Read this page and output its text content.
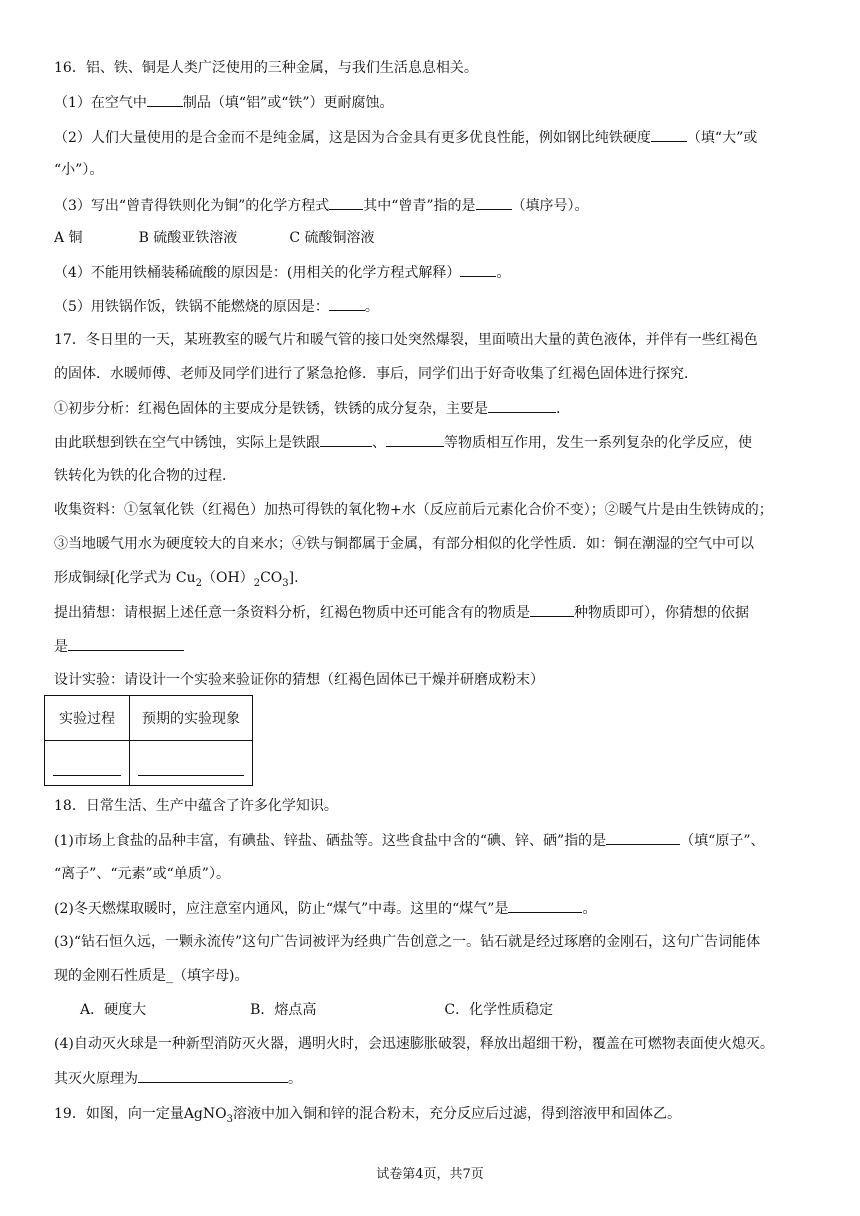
16．铝、铁、铜是人类广泛使用的三种金属，与我们生活息息相关。
（1）在空气中	制品（填“铝”或“铁”）更耐腐蚀。
（2）人们大量使用的是合金而不是纯金属，这是因为合金具有更多优良性能，例如钢比纯铁硬度	（填“大”或
“小”）。
（3）写出“曾青得铁则化为铜”的化学方程式 其中“曾青”指的是	（填序号）。
A 铜	B 硫酸亚铁溶液	C 硫酸铜溶液
（4）不能用铁桶装稀硫酸的原因是：(用相关的化学方程式解释）	。
（5）用铁锅作饭，铁锅不能燃烧的原因是：	。
17．冬日里的一天，某班教室的暖气片和暖气管的接口处突然爆裂，里面喷出大量的黄色液体，并伴有一些红褐色
的固体．水暖师傅、老师及同学们进行了紧急抢修．事后，同学们出于好奇收集了红褐色固体进行探究．
①初步分析：红褐色固体的主要成分是铁锈，铁锈的成分复杂，主要是	.
由此联想到铁在空气中锈蚀，实际上是铁跟	、	等物质相互作用，发生一系列复杂的化学反应，使
铁转化为铁的化合物的过程．
收集资料：①氢氧化铁（红褐色）加热可得铁的氧化物+水（反应前后元素化合价不变）；②暖气片是由生铁铸成的；
③当地暖气用水为硬度较大的自来水；④铁与铜都属于金属，有部分相似的化学性质．如：铜在潮湿的空气中可以
形成铜绿[化学式为 $Cu_2(OH)_2CO_3$].
提出猜想：请根据上述任意一条资料分析，红褐色物质中还可能含有的物质是	种物质即可），你猜想的依据
是
设计实验：请设计一个实验来验证你的猜想（红褐色固体已干燥并研磨成粉末）
实验过程	预期的实验现象

18．日常生活、生产中蕴含了许多化学知识。
(1)市场上食盐的品种丰富，有碘盐、锌盐、硒盐等。这些食盐中含的“碘、锌、硒”指的是	（填“原子”、
“离子”、“元素”或“单质”）。
(2)冬天燃煤取暖时，应注意室内通风，防止“煤气”中毒。这里的“煤气”是	。
(3)“钻石恒久远，一颗永流传”这句广告词被评为经典广告创意之一。钻石就是经过琢磨的金刚石，这句广告词能体
现的金刚石性质是_（填字母)。
A．硬度大	B．熔点高	C．化学性质稳定
(4)自动灭火球是一种新型消防灭火器，遇明火时，会迅速膨胀破裂，释放出超细干粉，覆盖在可燃物表面使火熄灭。
其灭火原理为	。
19．如图，向一定量AgNO$_3$溶液中加入铜和锌的混合粉末，充分反应后过滤，得到溶液甲和固体乙。
试卷第4页，共7页
